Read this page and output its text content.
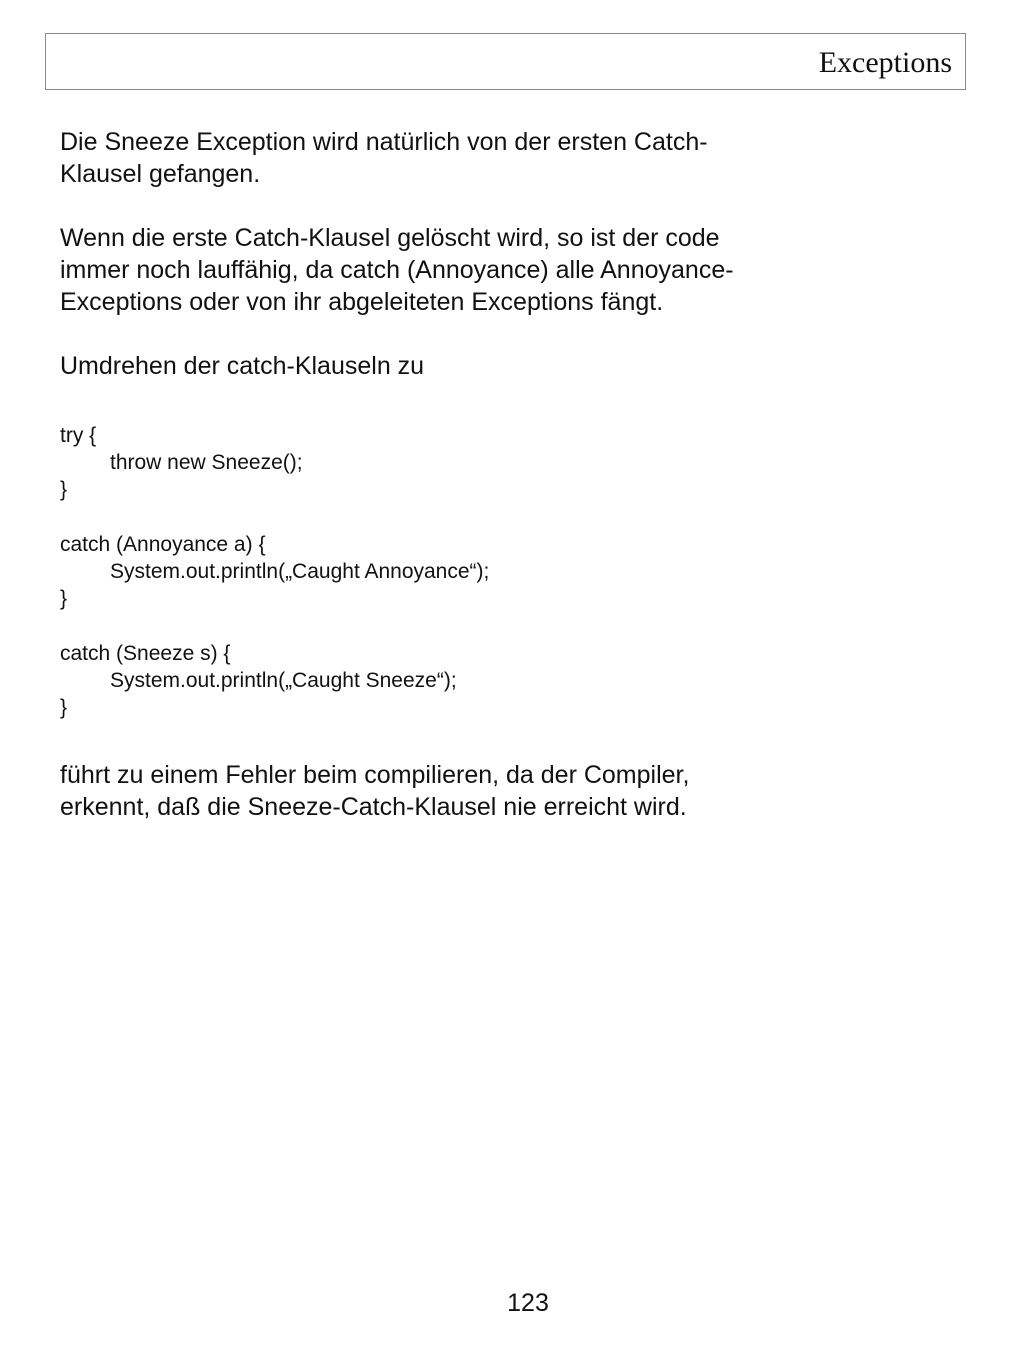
Exceptions

Die Sneeze Exception wird natürlich von der ersten Catch-
Klausel gefangen.

Wenn die erste Catch-Klausel gelöscht wird, so ist der code
immer noch lauffähig, da catch (Annoyance) alle Annoyance-
Exceptions oder von ihr abgeleiteten Exceptions fängt.

Umdrehen der catch-Klauseln zu

try {
throw new Sneeze();
}
catch (Annoyance a) {
System.out.println(„Caught Annoyance“);
}
catch (Sneeze s) {
System.out.println(„Caught Sneeze“);
}

führt zu einem Fehler beim compilieren, da der Compiler,
erkennt, daß die Sneeze-Catch-Klausel nie erreicht wird.

123
